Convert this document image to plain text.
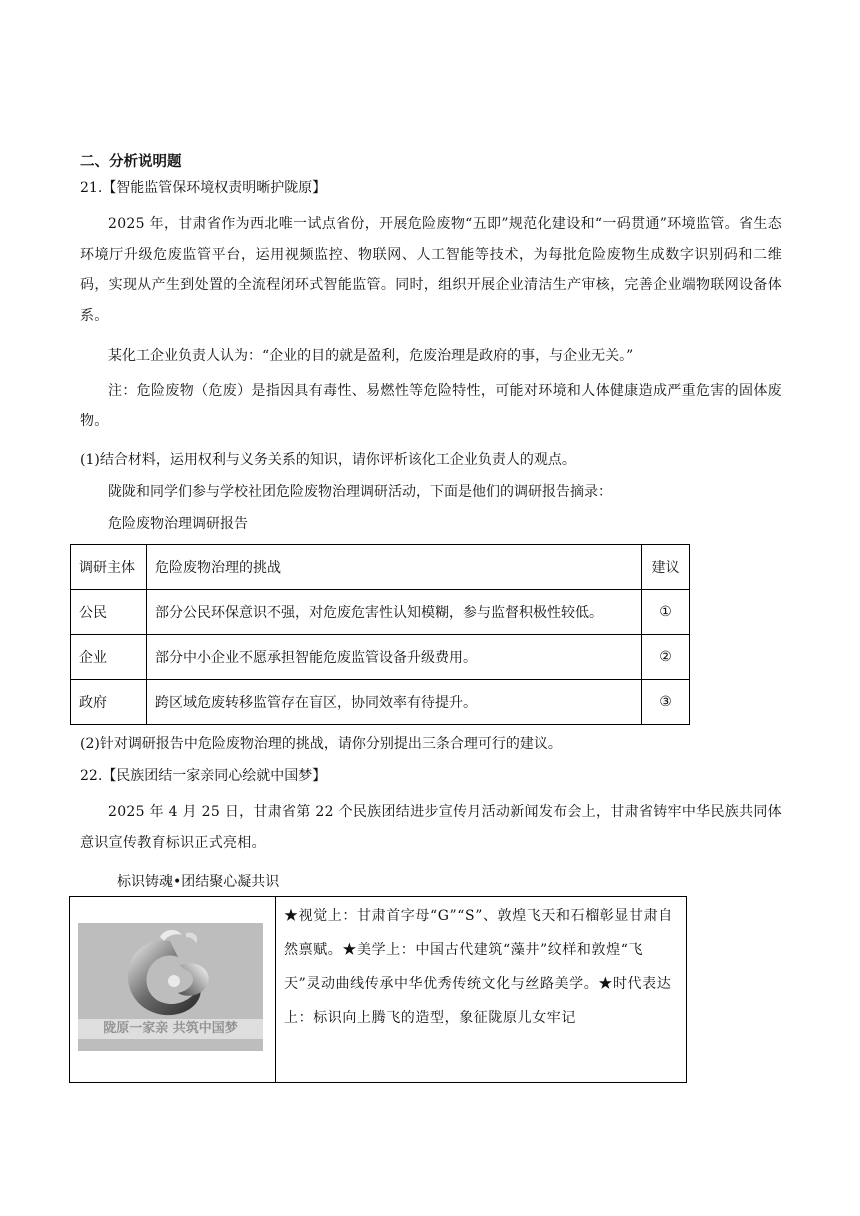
二、分析说明题
21.【智能监管保环境权责明晰护陇原】
2025 年，甘肃省作为西北唯一试点省份，开展危险废物“五即”规范化建设和“一码贯通”环境监管。省生态环境厅升级危废监管平台，运用视频监控、物联网、人工智能等技术，为每批危险废物生成数字识别码和二维码，实现从产生到处置的全流程闭环式智能监管。同时，组织开展企业清洁生产审核，完善企业端物联网设备体系。
某化工企业负责人认为：“企业的目的就是盈利，危废治理是政府的事，与企业无关。”
注：危险废物（危废）是指因具有毒性、易燃性等危险特性，可能对环境和人体健康造成严重危害的固体废物。
(1)结合材料，运用权利与义务关系的知识，请你评析该化工企业负责人的观点。
陇陇和同学们参与学校社团危险废物治理调研活动，下面是他们的调研报告摘录：
危险废物治理调研报告
调研主体	危险废物治理的挑战	建议
公民	部分公民环保意识不强，对危废危害性认知模糊，参与监督积极性较低。	①
企业	部分中小企业不愿承担智能危废监管设备升级费用。	②
政府	跨区域危废转移监管存在盲区，协同效率有待提升。	③
(2)针对调研报告中危险废物治理的挑战，请你分别提出三条合理可行的建议。
22.【民族团结一家亲同心绘就中国梦】
2025 年 4 月 25 日，甘肃省第 22 个民族团结进步宣传月活动新闻发布会上，甘肃省铸牢中华民族共同体意识宣传教育标识正式亮相。
标识铸魂•团结聚心凝共识
陇原一家亲 共筑中国梦
	★视觉上：甘肃首字母“G”“S”、敦煌飞天和石榴彰显甘肃自然禀赋。★美学上：中国古代建筑“藻井”纹样和敦煌“飞天”灵动曲线传承中华优秀传统文化与丝路美学。★时代表达上：标识向上腾飞的造型，象征陇原儿女牢记
